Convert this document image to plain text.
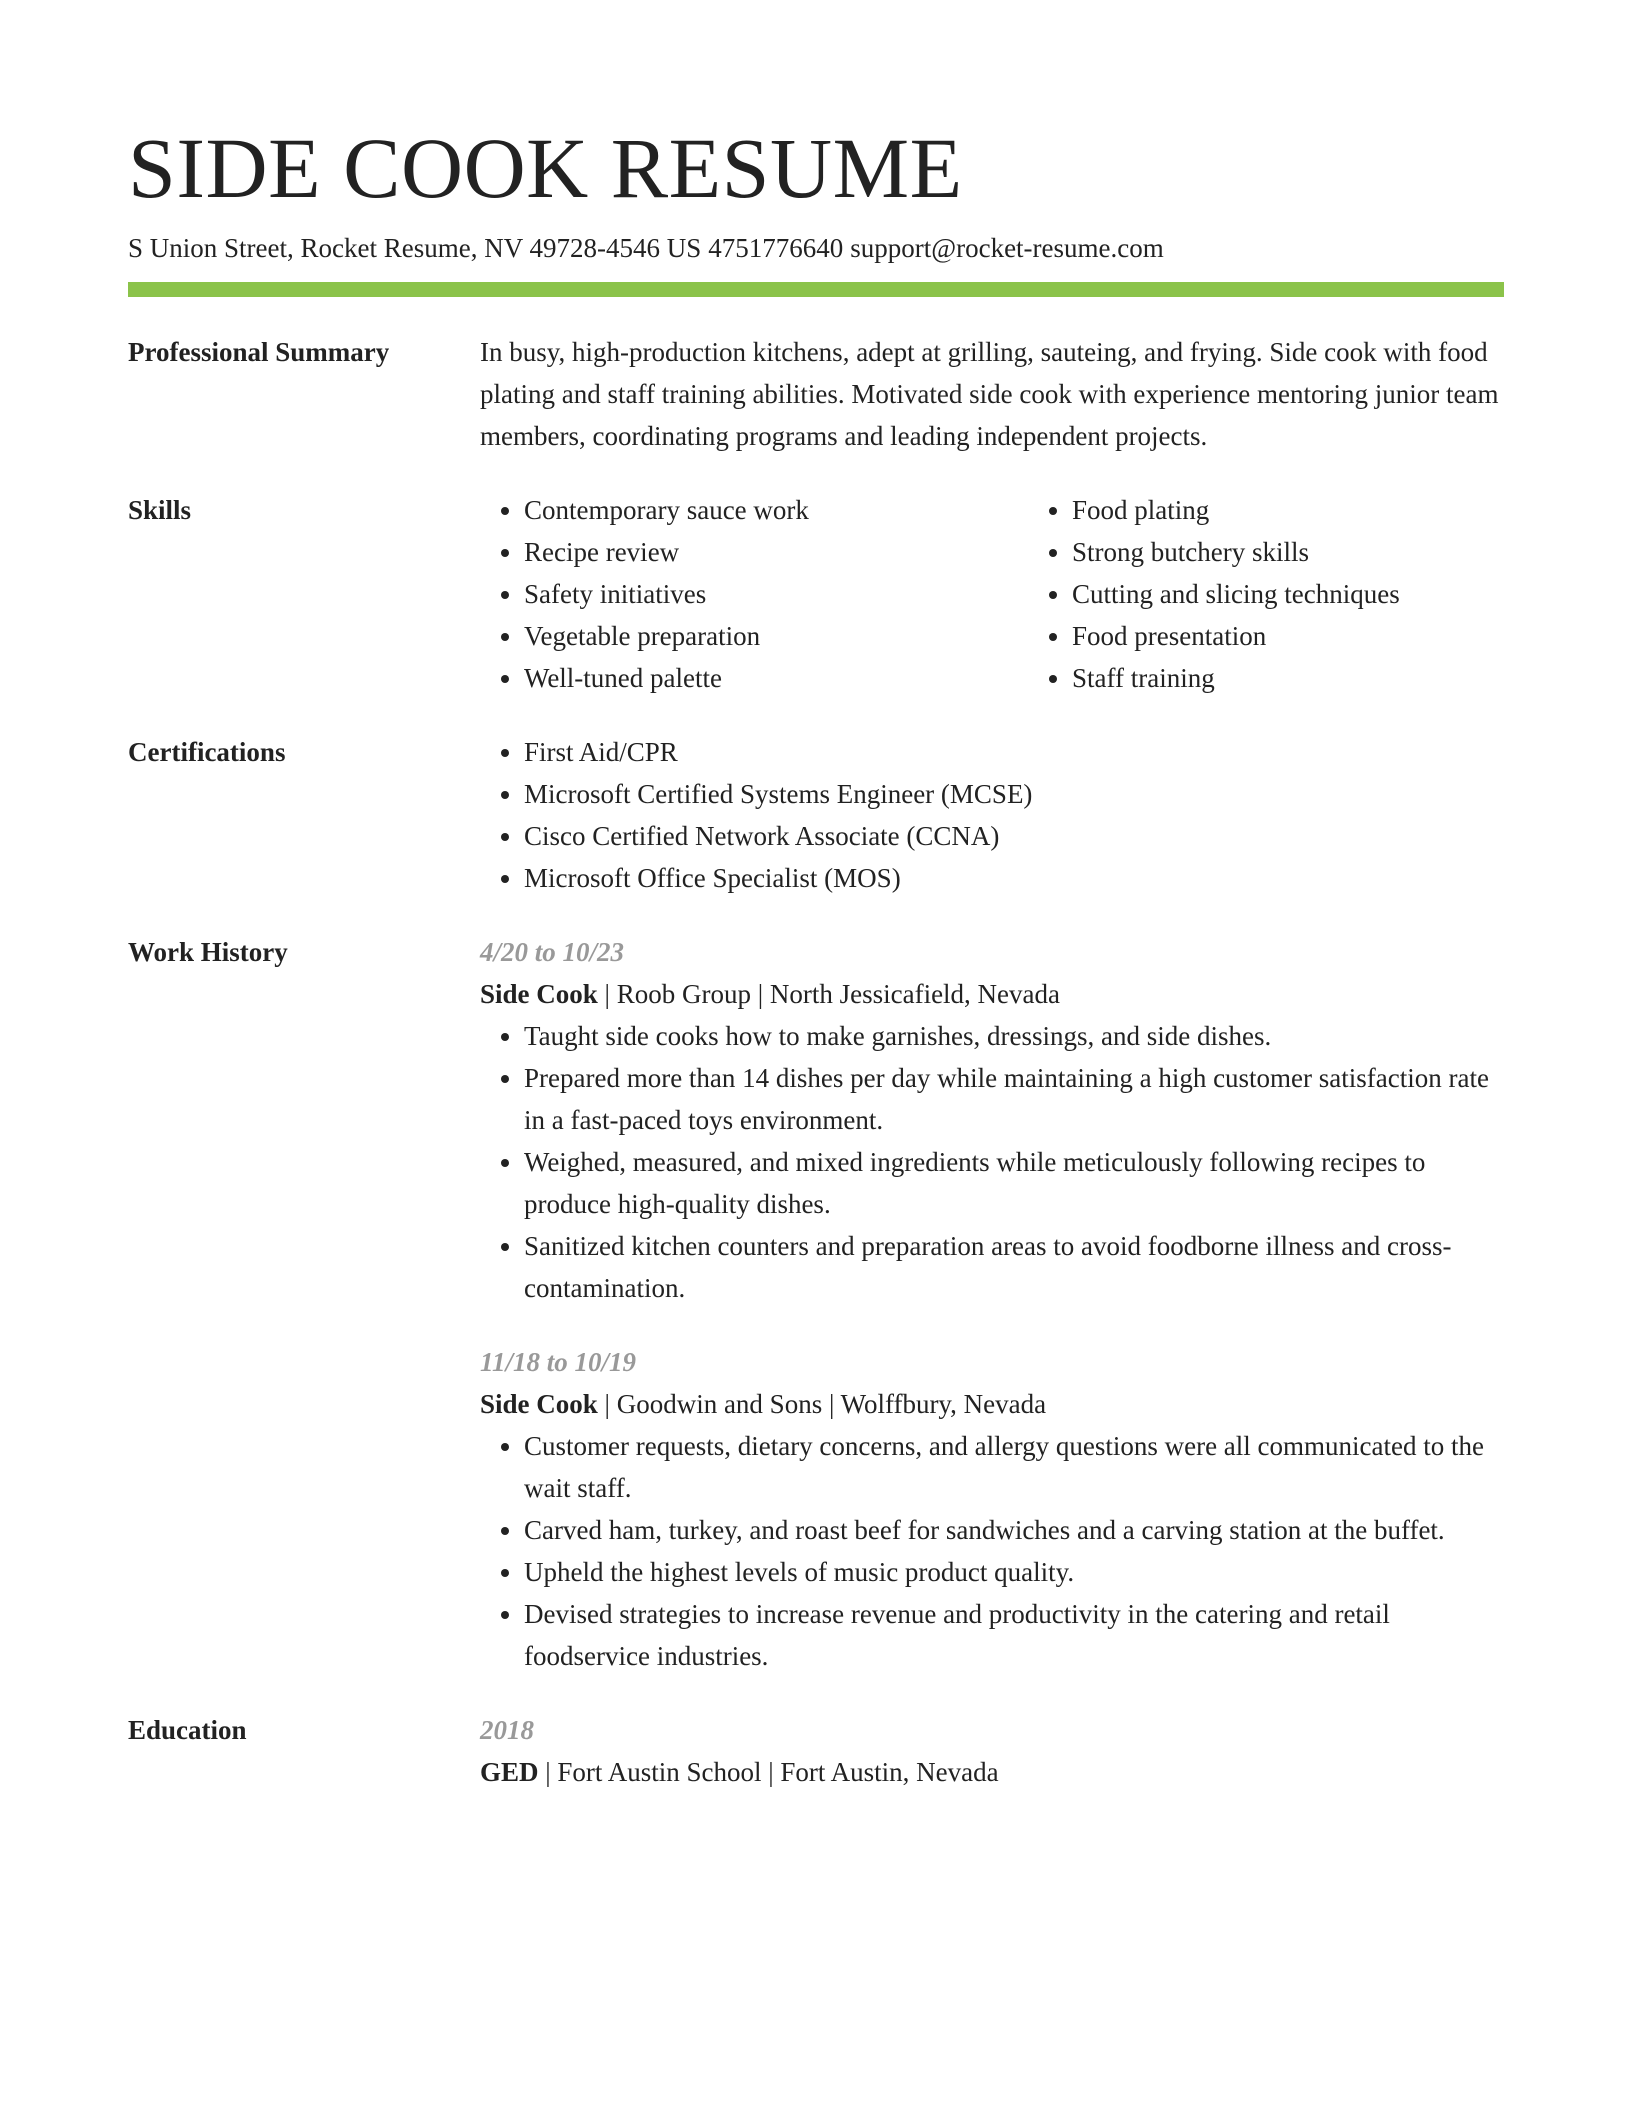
SIDE COOK RESUME
S Union Street, Rocket Resume, NV 49728-4546 US 4751776640 support@rocket-resume.com
Professional Summary	In busy, high-production kitchens, adept at grilling, sauteing, and frying. Side cook with food plating and staff training abilities. Motivated side cook with experience mentoring junior team members, coordinating programs and leading independent projects.

Skills	• Contemporary sauce work
• Recipe review
• Safety initiatives
• Vegetable preparation
• Well-tuned palette
• Food plating
• Strong butchery skills
• Cutting and slicing techniques
• Food presentation
• Staff training
Certifications	• First Aid/CPR
• Microsoft Certified Systems Engineer (MCSE)
• Cisco Certified Network Associate (CCNA)
• Microsoft Office Specialist (MOS)
Work History	4/20 to 10/23
Side Cook | Roob Group | North Jessicafield, Nevada
• Taught side cooks how to make garnishes, dressings, and side dishes.
• Prepared more than 14 dishes per day while maintaining a high customer satisfaction rate in a fast-paced toys environment.
• Weighed, measured, and mixed ingredients while meticulously following recipes to produce high-quality dishes.
• Sanitized kitchen counters and preparation areas to avoid foodborne illness and cross-contamination.
11/18 to 10/19
Side Cook | Goodwin and Sons | Wolffbury, Nevada
• Customer requests, dietary concerns, and allergy questions were all communicated to the wait staff.
• Carved ham, turkey, and roast beef for sandwiches and a carving station at the buffet.
• Upheld the highest levels of music product quality.
• Devised strategies to increase revenue and productivity in the catering and retail foodservice industries.
Education	2018
GED | Fort Austin School | Fort Austin, Nevada
